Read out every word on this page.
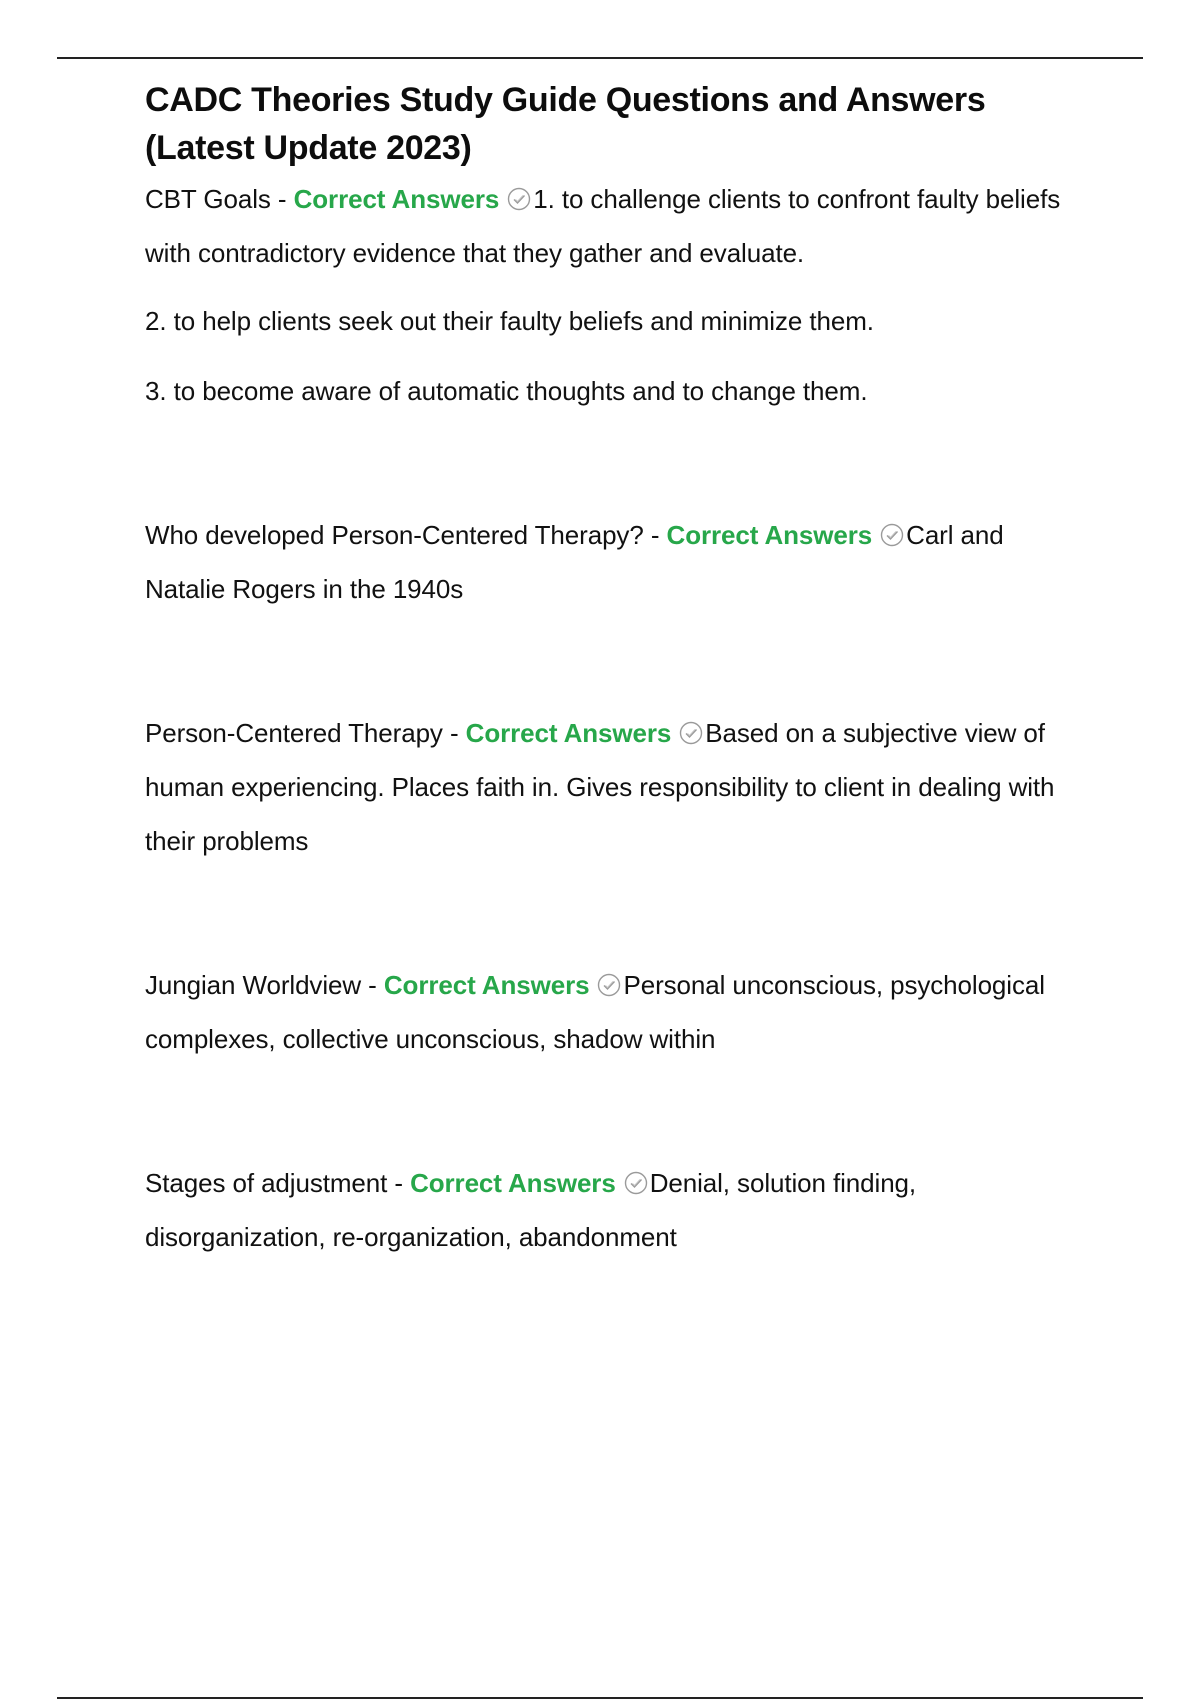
CADC Theories Study Guide Questions and Answers
(Latest Update 2023)

CBT Goals - Correct Answers 1. to challenge clients to confront faulty beliefs with contradictory evidence that they gather and evaluate.

2. to help clients seek out their faulty beliefs and minimize them.

3. to become aware of automatic thoughts and to change them.

Who developed Person-Centered Therapy? - Correct Answers Carl and Natalie Rogers in the 1940s

Person-Centered Therapy - Correct Answers Based on a subjective view of human experiencing. Places faith in. Gives responsibility to client in dealing with their problems

Jungian Worldview - Correct Answers Personal unconscious, psychological complexes, collective unconscious, shadow within

Stages of adjustment - Correct Answers Denial, solution finding, disorganization, re-organization, abandonment
